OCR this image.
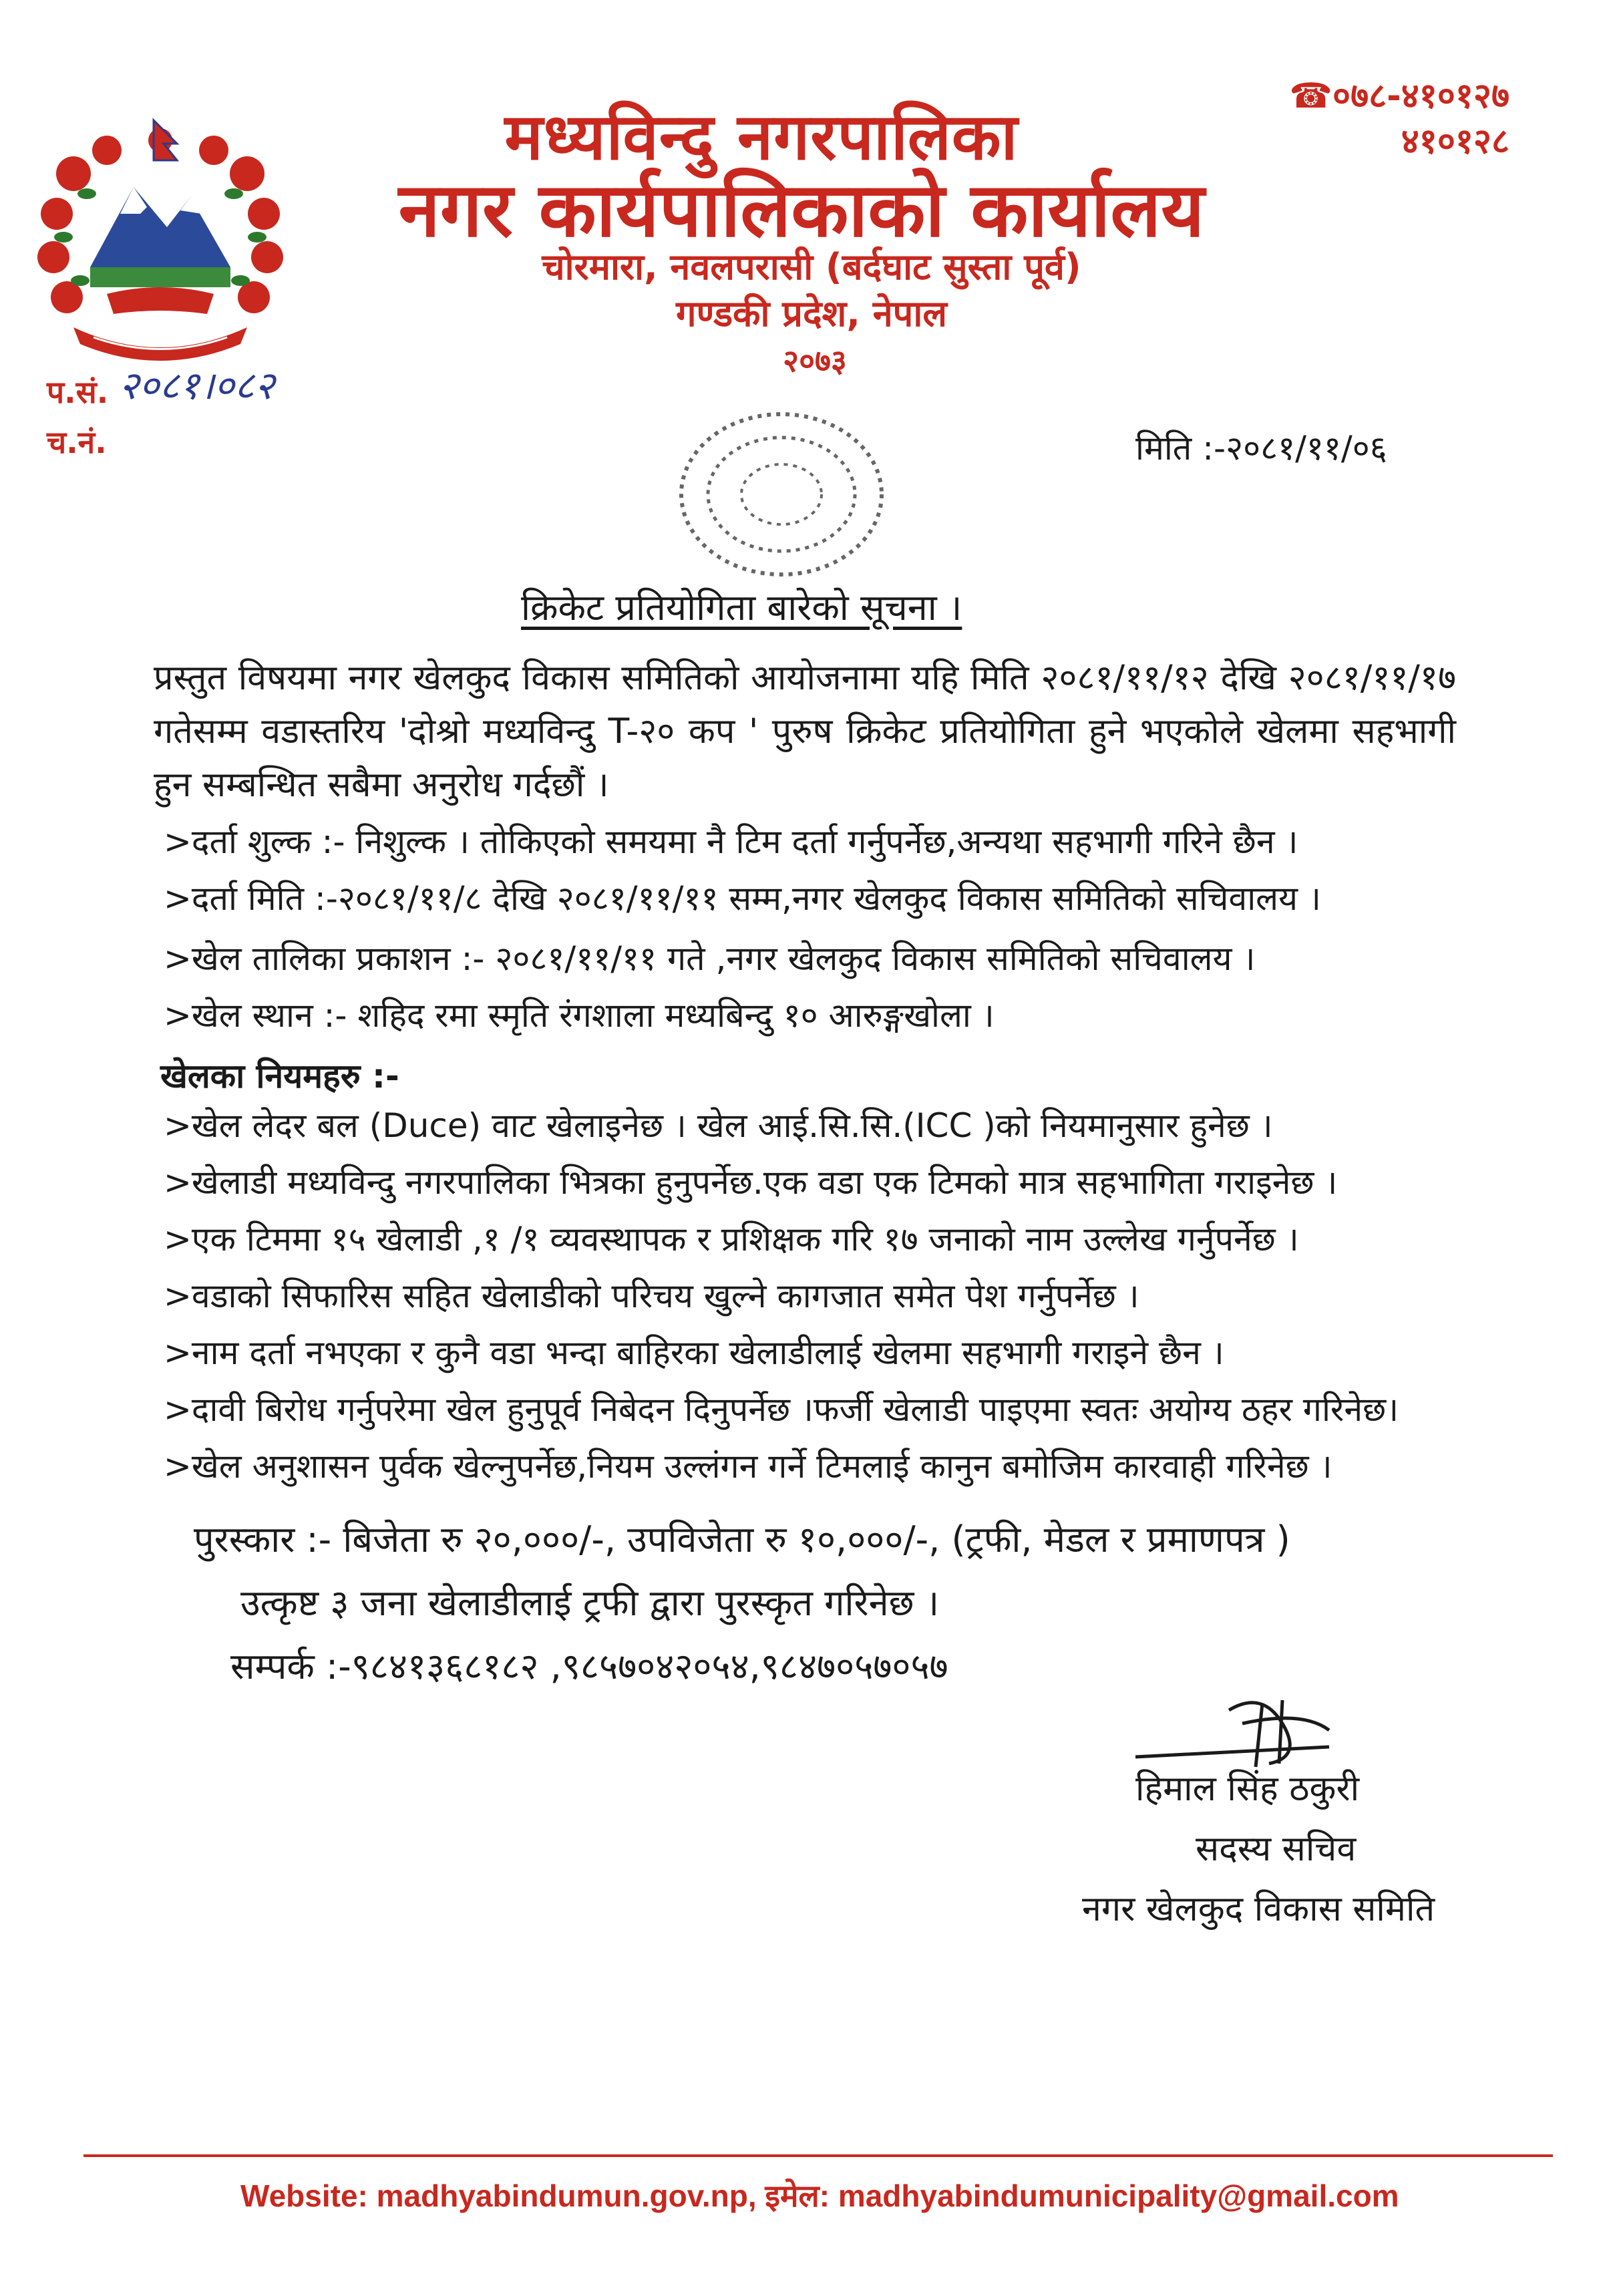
मध्यविन्दु नगरपालिका
नगर कार्यपालिकाको कार्यालय
चोरमारा, नवलपरासी (बर्दघाट सुस्ता पूर्व)
गण्डकी प्रदेश, नेपाल
२०७३
☎०७८-४१०१२७
४१०१२८
प.सं. २०८१।०८२
च.नं.	मिति :-२०८१/११/०६
क्रिकेट प्रतियोगिता बारेको सूचना ।
प्रस्तुत विषयमा नगर खेलकुद विकास समितिको आयोजनामा यहि मिति २०८१/११/१२ देखि २०८१/११/१७ गतेसम्म वडास्तरिय 'दोश्रो मध्यविन्दु T-२० कप ' पुरुष क्रिकेट प्रतियोगिता हुने भएकोले खेलमा सहभागी हुन सम्बन्धित सबैमा अनुरोध गर्दछौं ।
>दर्ता शुल्क :- निशुल्क । तोकिएको समयमा नै टिम दर्ता गर्नुपर्नेछ,अन्यथा सहभागी गरिने छैन ।
>दर्ता मिति :-२०८१/११/८ देखि २०८१/११/११ सम्म,नगर खेलकुद विकास समितिको सचिवालय ।
>खेल तालिका प्रकाशन :- २०८१/११/११ गते ,नगर खेलकुद विकास समितिको सचिवालय ।
>खेल स्थान :- शहिद रमा स्मृति रंगशाला मध्यबिन्दु १० आरुङ्गखोला ।
खेलका नियमहरु :-
>खेल लेदर बल (Duce) वाट खेलाइनेछ । खेल आई.सि.सि.(ICC )को नियमानुसार हुनेछ ।
>खेलाडी मध्यविन्दु नगरपालिका भित्रका हुनुपर्नेछ.एक वडा एक टिमको मात्र सहभागिता गराइनेछ ।
>एक टिममा १५ खेलाडी ,१ /१ व्यवस्थापक र प्रशिक्षक गरि १७ जनाको नाम उल्लेख गर्नुपर्नेछ ।
>वडाको सिफारिस सहित खेलाडीको परिचय खुल्ने कागजात समेत पेश गर्नुपर्नेछ ।
>नाम दर्ता नभएका र कुनै वडा भन्दा बाहिरका खेलाडीलाई खेलमा सहभागी गराइने छैन ।
>दावी बिरोध गर्नुपरेमा खेल हुनुपूर्व निबेदन दिनुपर्नेछ ।फर्जी खेलाडी पाइएमा स्वतः अयोग्य ठहर गरिनेछ।
>खेल अनुशासन पुर्वक खेल्नुपर्नेछ,नियम उल्लंगन गर्ने टिमलाई कानुन बमोजिम कारवाही गरिनेछ ।
पुरस्कार :- बिजेता रु २०,०००/-, उपविजेता रु १०,०००/-, (ट्रफी, मेडल र प्रमाणपत्र )
उत्कृष्ट ३ जना खेलाडीलाई ट्रफी द्वारा पुरस्कृत गरिनेछ ।
सम्पर्क :-९८४१३६८१८२ ,९८५७०४२०५४,९८४७०५७०५७
हिमाल सिंह ठकुरी
सदस्य सचिव
नगर खेलकुद विकास समिति
Website: madhyabindumun.gov.np, इमेल: madhyabindumunicipality@gmail.com
